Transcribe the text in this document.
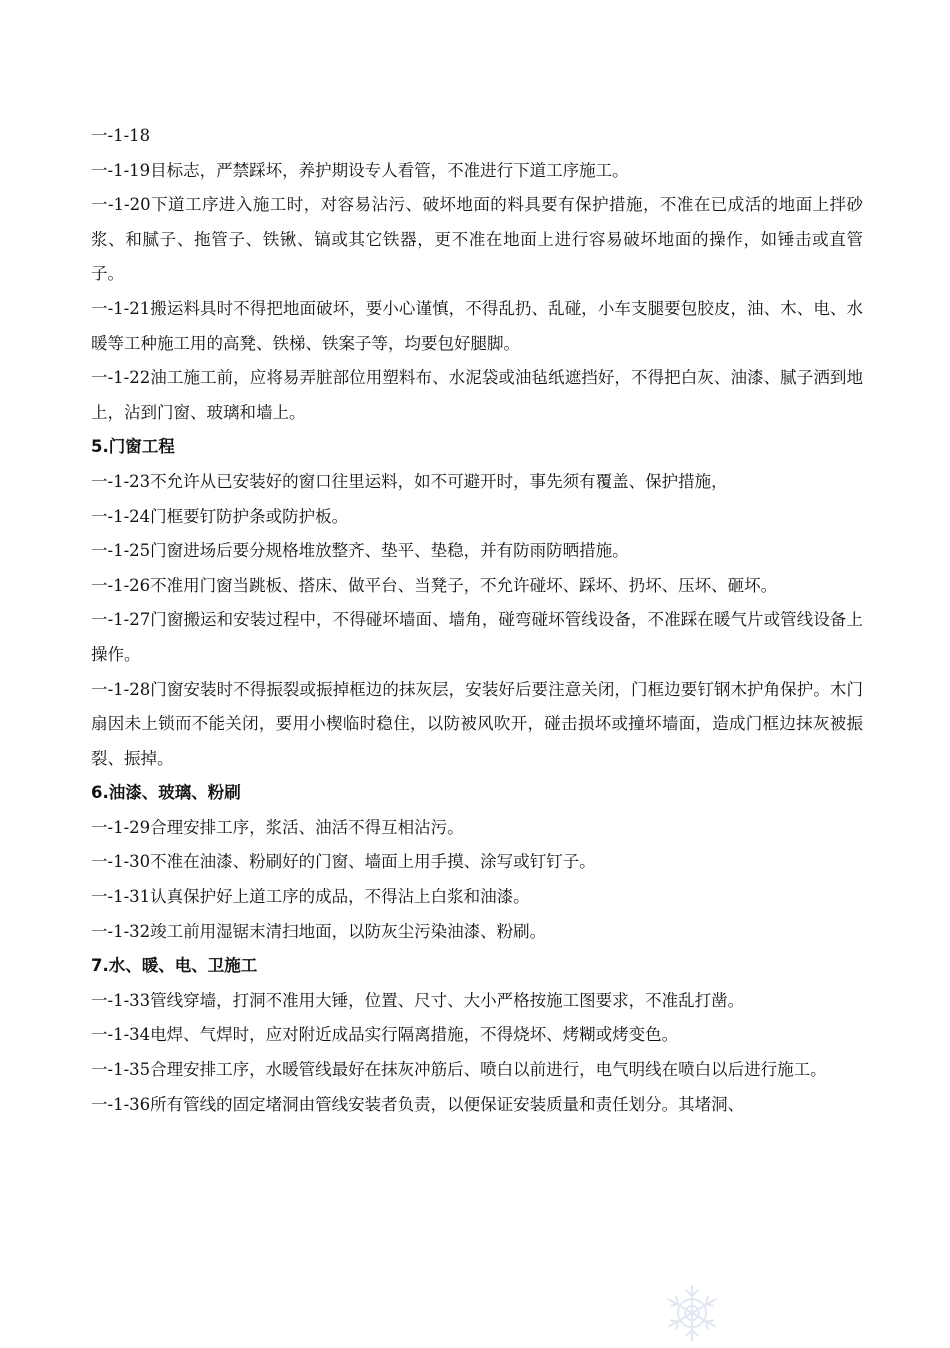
一-1-18

一-1-19目标志，严禁踩坏，养护期设专人看管，不准进行下道工序施工。

一-1-20下道工序进入施工时，对容易沾污、破坏地面的料具要有保护措施，不准在已成活的地面上拌砂浆、和腻子、拖管子、铁锹、镐或其它铁器，更不准在地面上进行容易破坏地面的操作，如锤击或直管子。

一-1-21搬运料具时不得把地面破坏，要小心谨慎，不得乱扔、乱碰，小车支腿要包胶皮，油、木、电、水暖等工种施工用的高凳、铁梯、铁案子等，均要包好腿脚。

一-1-22油工施工前，应将易弄脏部位用塑料布、水泥袋或油毡纸遮挡好，不得把白灰、油漆、腻子洒到地上，沾到门窗、玻璃和墙上。

5.门窗工程

一-1-23不允许从已安装好的窗口往里运料，如不可避开时，事先须有覆盖、保护措施，

一-1-24门框要钉防护条或防护板。

一-1-25门窗进场后要分规格堆放整齐、垫平、垫稳，并有防雨防晒措施。

一-1-26不准用门窗当跳板、搭床、做平台、当凳子，不允许碰坏、踩坏、扔坏、压坏、砸坏。

一-1-27门窗搬运和安装过程中，不得碰坏墙面、墙角，碰弯碰坏管线设备，不准踩在暖气片或管线设备上操作。

一-1-28门窗安装时不得振裂或振掉框边的抹灰层，安装好后要注意关闭，门框边要钉钢木护角保护。木门扇因未上锁而不能关闭，要用小楔临时稳住，以防被风吹开，碰击损坏或撞坏墙面，造成门框边抹灰被振裂、振掉。

6.油漆、玻璃、粉刷

一-1-29合理安排工序，浆活、油活不得互相沾污。

一-1-30不准在油漆、粉刷好的门窗、墙面上用手摸、涂写或钉钉子。

一-1-31认真保护好上道工序的成品，不得沾上白浆和油漆。

一-1-32竣工前用湿锯末清扫地面，以防灰尘污染油漆、粉刷。

7.水、暖、电、卫施工

一-1-33管线穿墙，打洞不准用大锤，位置、尺寸、大小严格按施工图要求，不准乱打凿。

一-1-34电焊、气焊时，应对附近成品实行隔离措施，不得烧坏、烤糊或烤变色。

一-1-35合理安排工序，水暖管线最好在抹灰冲筋后、喷白以前进行，电气明线在喷白以后进行施工。

一-1-36所有管线的固定堵洞由管线安装者负责，以便保证安装质量和责任划分。其堵洞、
